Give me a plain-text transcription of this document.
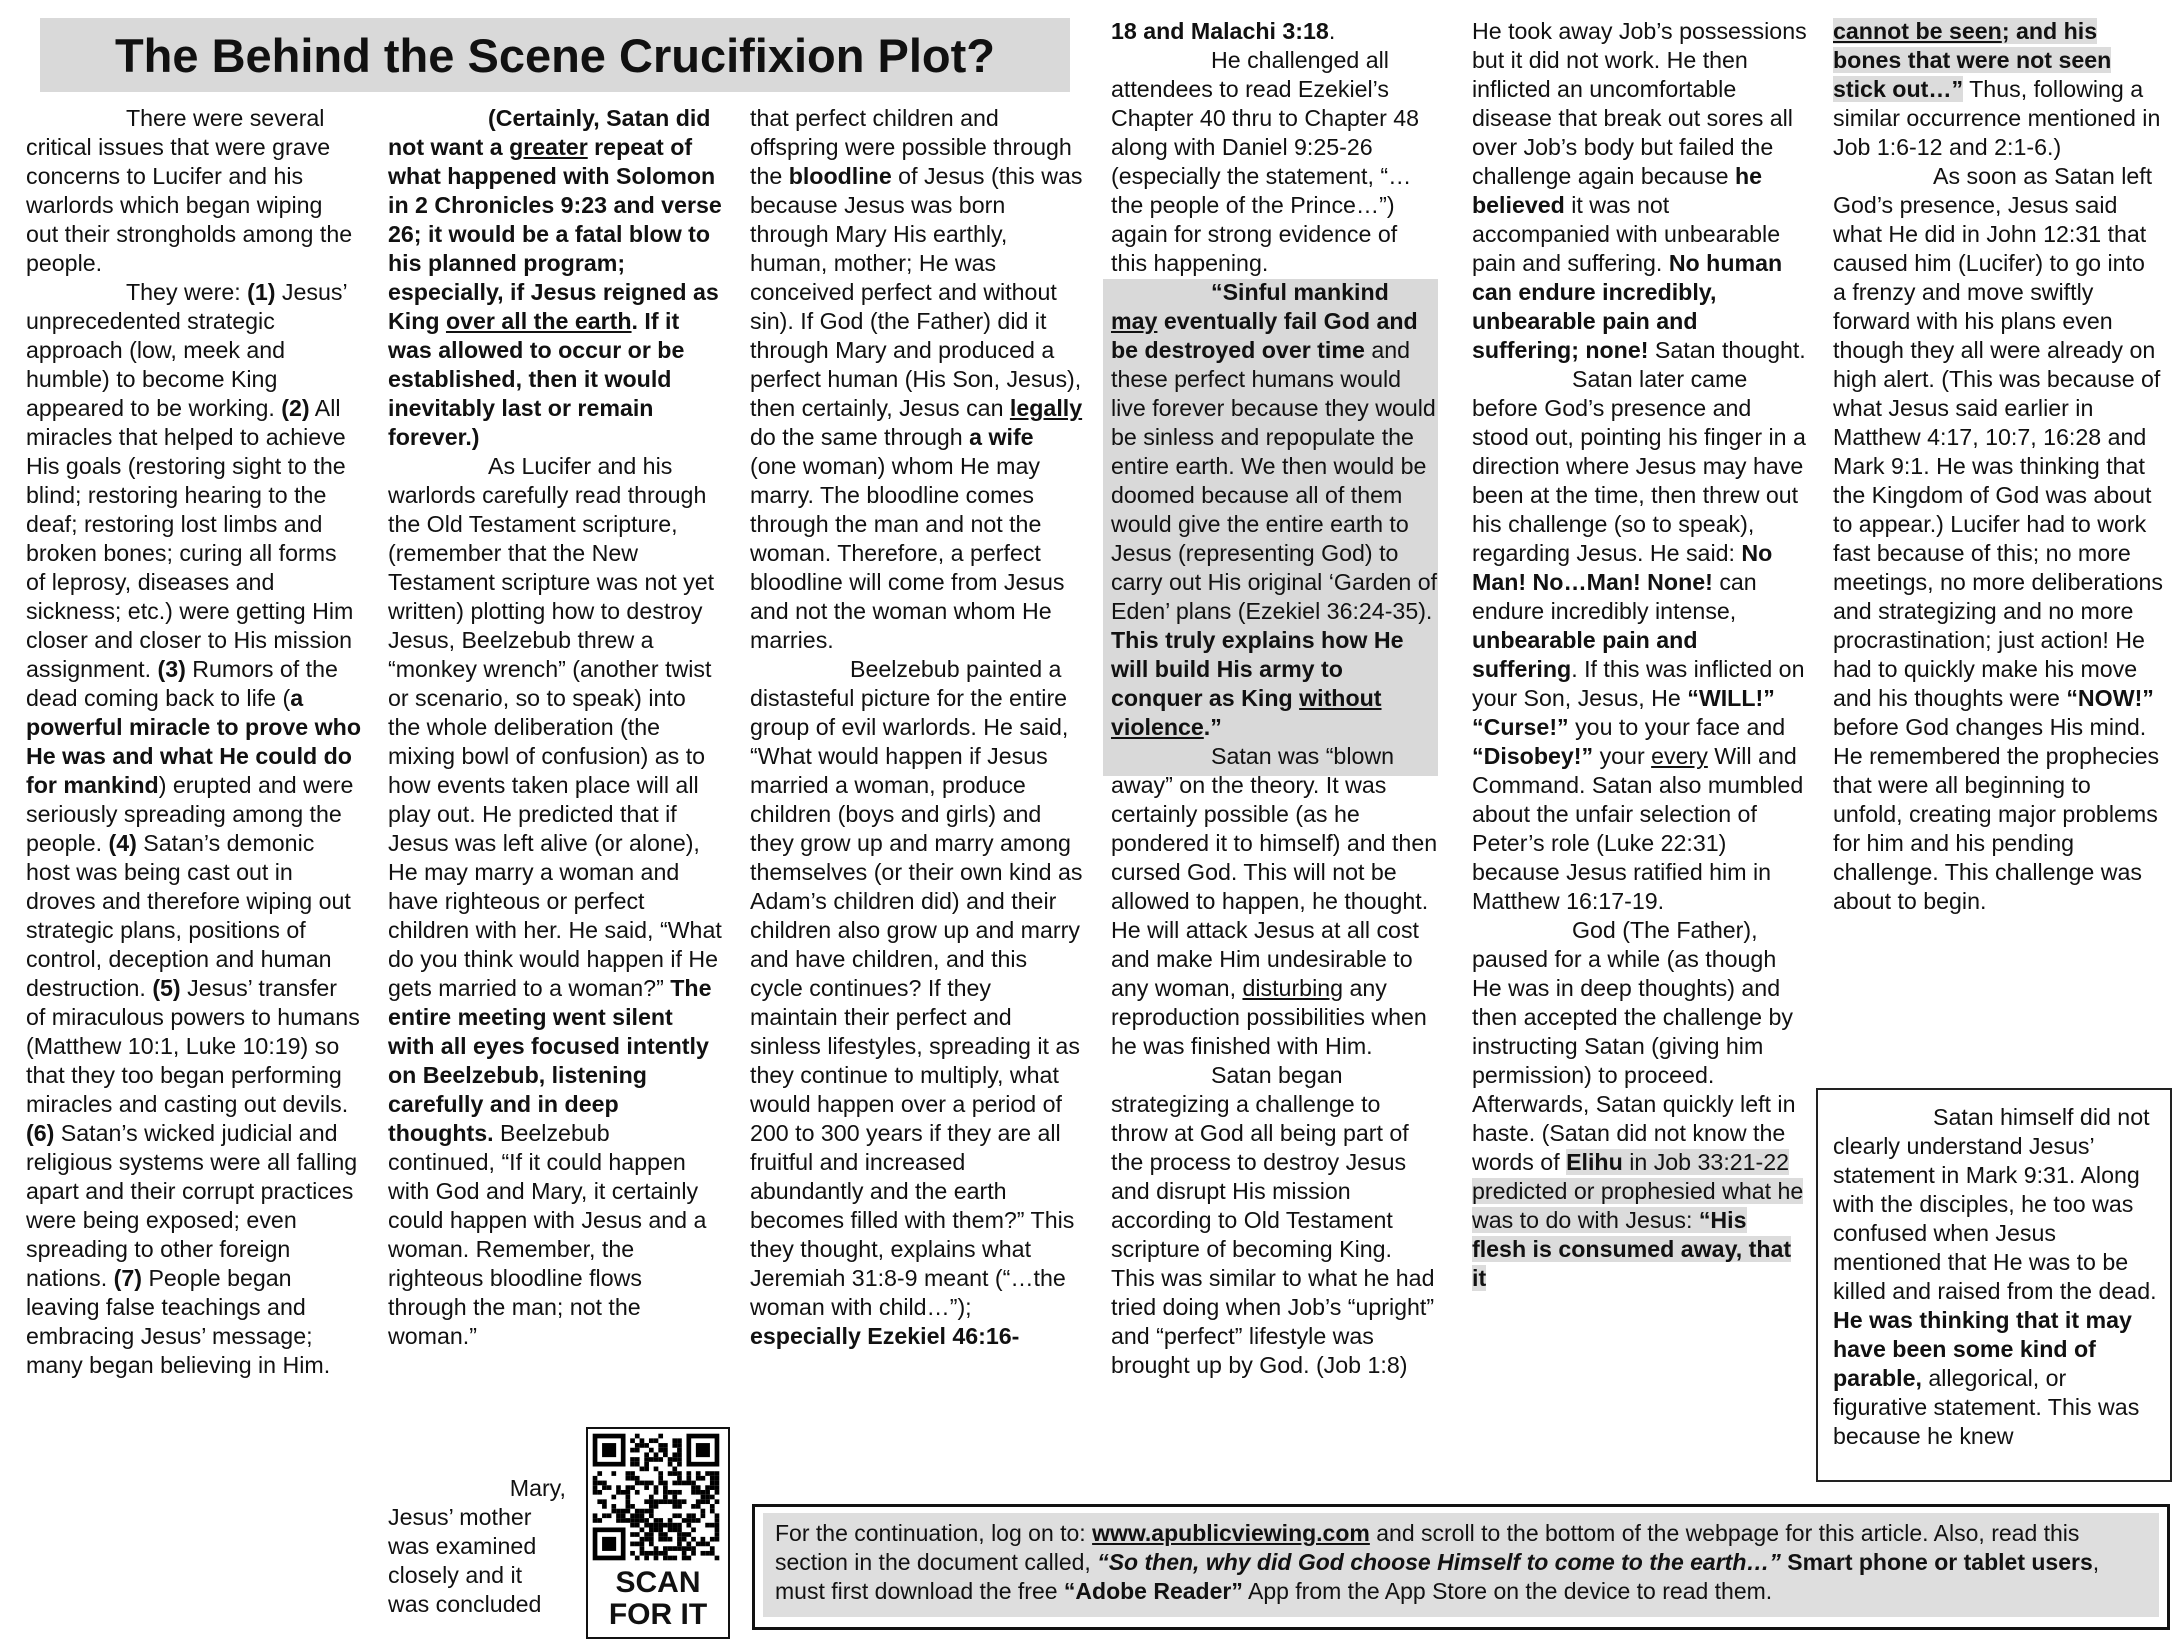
The Behind the Scene Crucifixion Plot?

There were several critical issues that were grave concerns to Lucifer and his warlords which began wiping out their strongholds among the people.

They were: (1) Jesus’ unprecedented strategic approach (low, meek and humble) to become King appeared to be working. (2) All miracles that helped to achieve His goals (restoring sight to the blind; restoring hearing to the deaf; restoring lost limbs and broken bones; curing all forms of leprosy, diseases and sickness; etc.) were getting Him closer and closer to His mission assignment. (3) Rumors of the dead coming back to life (a powerful miracle to prove who He was and what He could do for mankind) erupted and were seriously spreading among the people. (4) Satan’s demonic host was being cast out in droves and therefore wiping out strategic plans, positions of control, deception and human destruction. (5) Jesus’ transfer of miraculous powers to humans (Matthew 10:1, Luke 10:19) so that they too began performing miracles and casting out devils. (6) Satan’s wicked judicial and religious systems were all falling apart and their corrupt practices were being exposed; even spreading to other foreign nations. (7) People began leaving false teachings and embracing Jesus’ message; many began believing in Him.

(Certainly, Satan did not want a greater repeat of what happened with Solomon in 2 Chronicles 9:23 and verse 26; it would be a fatal blow to his planned program; especially, if Jesus reigned as King over all the earth. If it was allowed to occur or be established, then it would inevitably last or remain forever.)

As Lucifer and his warlords carefully read through the Old Testament scripture, (remember that the New Testament scripture was not yet written) plotting how to destroy Jesus, Beelzebub threw a “monkey wrench” (another twist or scenario, so to speak) into the whole deliberation (the mixing bowl of confusion) as to how events taken place will all play out. He predicted that if Jesus was left alive (or alone), He may marry a woman and have righteous or perfect children with her. He said, “What do you think would happen if He gets married to a woman?” The entire meeting went silent with all eyes focused intently on Beelzebub, listening carefully and in deep thoughts. Beelzebub continued, “If it could happen with God and Mary, it certainly could happen with Jesus and a woman. Remember, the righteous bloodline flows through the man; not the woman.”

Mary,

Jesus’ mother was examined closely and it was concluded

SCAN
FOR IT

that perfect children and offspring were possible through the bloodline of Jesus (this was because Jesus was born through Mary His earthly, human, mother; He was conceived perfect and without sin). If God (the Father) did it through Mary and produced a perfect human (His Son, Jesus), then certainly, Jesus can legally do the same through a wife (one woman) whom He may marry. The bloodline comes through the man and not the woman. Therefore, a perfect bloodline will come from Jesus and not the woman whom He marries.

Beelzebub painted a distasteful picture for the entire group of evil warlords. He said, “What would happen if Jesus married a woman, produce children (boys and girls) and they grow up and marry among themselves (or their own kind as Adam’s children did) and their children also grow up and marry and have children, and this cycle continues? If they maintain their perfect and sinless lifestyles, spreading it as they continue to multiply, what would happen over a period of 200 to 300 years if they are all fruitful and increased abundantly and the earth becomes filled with them?” This they thought, explains what Jeremiah 31:8-9 meant (“…the woman with child…”); especially Ezekiel 46:16-

18 and Malachi 3:18.

He challenged all attendees to read Ezekiel’s Chapter 40 thru to Chapter 48 along with Daniel 9:25-26 (especially the statement, “…the people of the Prince…”) again for strong evidence of this happening.

“Sinful mankind may eventually fail God and be destroyed over time and these perfect humans would live forever because they would be sinless and repopulate the entire earth. We then would be doomed because all of them would give the entire earth to Jesus (representing God) to carry out His original ‘Garden of Eden’ plans (Ezekiel 36:24-35). This truly explains how He will build His army to conquer as King without violence.”

Satan was “blown away” on the theory. It was certainly possible (as he pondered it to himself) and then cursed God. This will not be allowed to happen, he thought. He will attack Jesus at all cost and make Him undesirable to any woman, disturbing any reproduction possibilities when he was finished with Him.

Satan began strategizing a challenge to throw at God all being part of the process to destroy Jesus and disrupt His mission according to Old Testament scripture of becoming King. This was similar to what he had tried doing when Job’s “upright” and “perfect” lifestyle was brought up by God. (Job 1:8)

He took away Job’s possessions but it did not work. He then inflicted an uncomfortable disease that break out sores all over Job’s body but failed the challenge again because he believed it was not accompanied with unbearable pain and suffering. No human can endure incredibly, unbearable pain and suffering; none! Satan thought.

Satan later came before God’s presence and stood out, pointing his finger in a direction where Jesus may have been at the time, then threw out his challenge (so to speak), regarding Jesus. He said: No Man! No…Man! None! can endure incredibly intense, unbearable pain and suffering. If this was inflicted on your Son, Jesus, He “WILL!” “Curse!” you to your face and “Disobey!” your every Will and Command. Satan also mumbled about the unfair selection of Peter’s role (Luke 22:31) because Jesus ratified him in Matthew 16:17-19.

God (The Father), paused for a while (as though He was in deep thoughts) and then accepted the challenge by instructing Satan (giving him permission) to proceed. Afterwards, Satan quickly left in haste. (Satan did not know the words of Elihu in Job 33:21-22 predicted or prophesied what he was to do with Jesus: “His flesh is consumed away, that it

cannot be seen; and his bones that were not seen stick out…” Thus, following a similar occurrence mentioned in Job 1:6-12 and 2:1-6.)

As soon as Satan left God’s presence, Jesus said what He did in John 12:31 that caused him (Lucifer) to go into a frenzy and move swiftly forward with his plans even though they all were already on high alert. (This was because of what Jesus said earlier in Matthew 4:17, 10:7, 16:28 and Mark 9:1. He was thinking that the Kingdom of God was about to appear.) Lucifer had to work fast because of this; no more meetings, no more deliberations and strategizing and no more procrastination; just action! He had to quickly make his move and his thoughts were “NOW!” before God changes His mind. He remembered the prophecies that were all beginning to unfold, creating major problems for him and his pending challenge. This challenge was about to begin.

Satan himself did not clearly understand Jesus’ statement in Mark 9:31. Along with the disciples, he too was confused when Jesus mentioned that He was to be killed and raised from the dead. He was thinking that it may have been some kind of parable, allegorical, or figurative statement. This was because he knew

For the continuation, log on to: www.apublicviewing.com and scroll to the bottom of the webpage for this article. Also, read this section in the document called, “So then, why did God choose Himself to come to the earth…” Smart phone or tablet users, must first download the free “Adobe Reader” App from the App Store on the device to read them.
